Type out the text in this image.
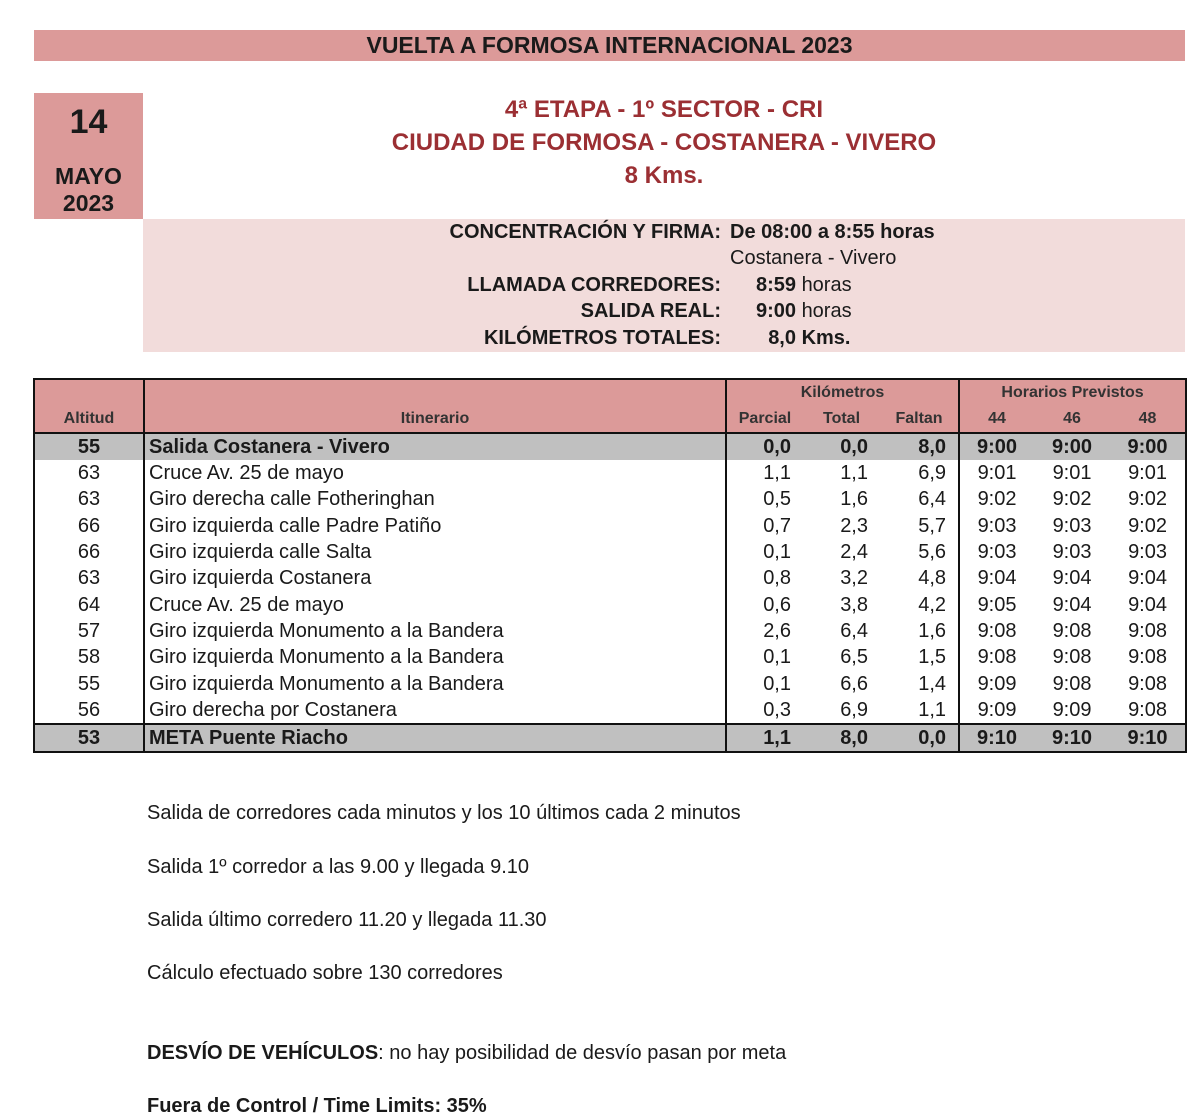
VUELTA A FORMOSA INTERNACIONAL 2023
14
MAYO
2023
4ª ETAPA - 1º SECTOR - CRI
CIUDAD DE FORMOSA - COSTANERA - VIVERO
8 Kms.
CONCENTRACIÓN Y FIRMA: De 08:00 a 8:55 horas
Costanera - Vivero
LLAMADA CORREDORES:	8:59 horas
SALIDA REAL:	9:00 horas
KILÓMETROS TOTALES:	8,0 Kms.
		Kilómetros			Horarios Previstos		
Altitud	Itinerario	Parcial	Total	Faltan	44	46	48
55	Salida Costanera - Vivero	0,0	0,0	8,0	9:00	9:00	9:00
63	Cruce Av. 25 de mayo	1,1	1,1	6,9	9:01	9:01	9:01
63	Giro derecha calle Fotheringhan	0,5	1,6	6,4	9:02	9:02	9:02
66	Giro izquierda calle Padre Patiño	0,7	2,3	5,7	9:03	9:03	9:02
66	Giro izquierda calle Salta	0,1	2,4	5,6	9:03	9:03	9:03
63	Giro izquierda Costanera	0,8	3,2	4,8	9:04	9:04	9:04
64	Cruce Av. 25 de mayo	0,6	3,8	4,2	9:05	9:04	9:04
57	Giro izquierda Monumento a la Bandera	2,6	6,4	1,6	9:08	9:08	9:08
58	Giro izquierda Monumento a la Bandera	0,1	6,5	1,5	9:08	9:08	9:08
55	Giro izquierda Monumento a la Bandera	0,1	6,6	1,4	9:09	9:08	9:08
56	Giro derecha por Costanera	0,3	6,9	1,1	9:09	9:09	9:08
53	META Puente Riacho	1,1	8,0	0,0	9:10	9:10	9:10
Salida de corredores cada minutos y los 10 últimos cada 2 minutos
Salida 1º corredor a las 9.00 y llegada 9.10
Salida último corredero 11.20 y llegada 11.30
Cálculo efectuado sobre 130 corredores
DESVÍO DE VEHÍCULOS: no hay posibilidad de desvío pasan por meta
Fuera de Control / Time Limits: 35%
